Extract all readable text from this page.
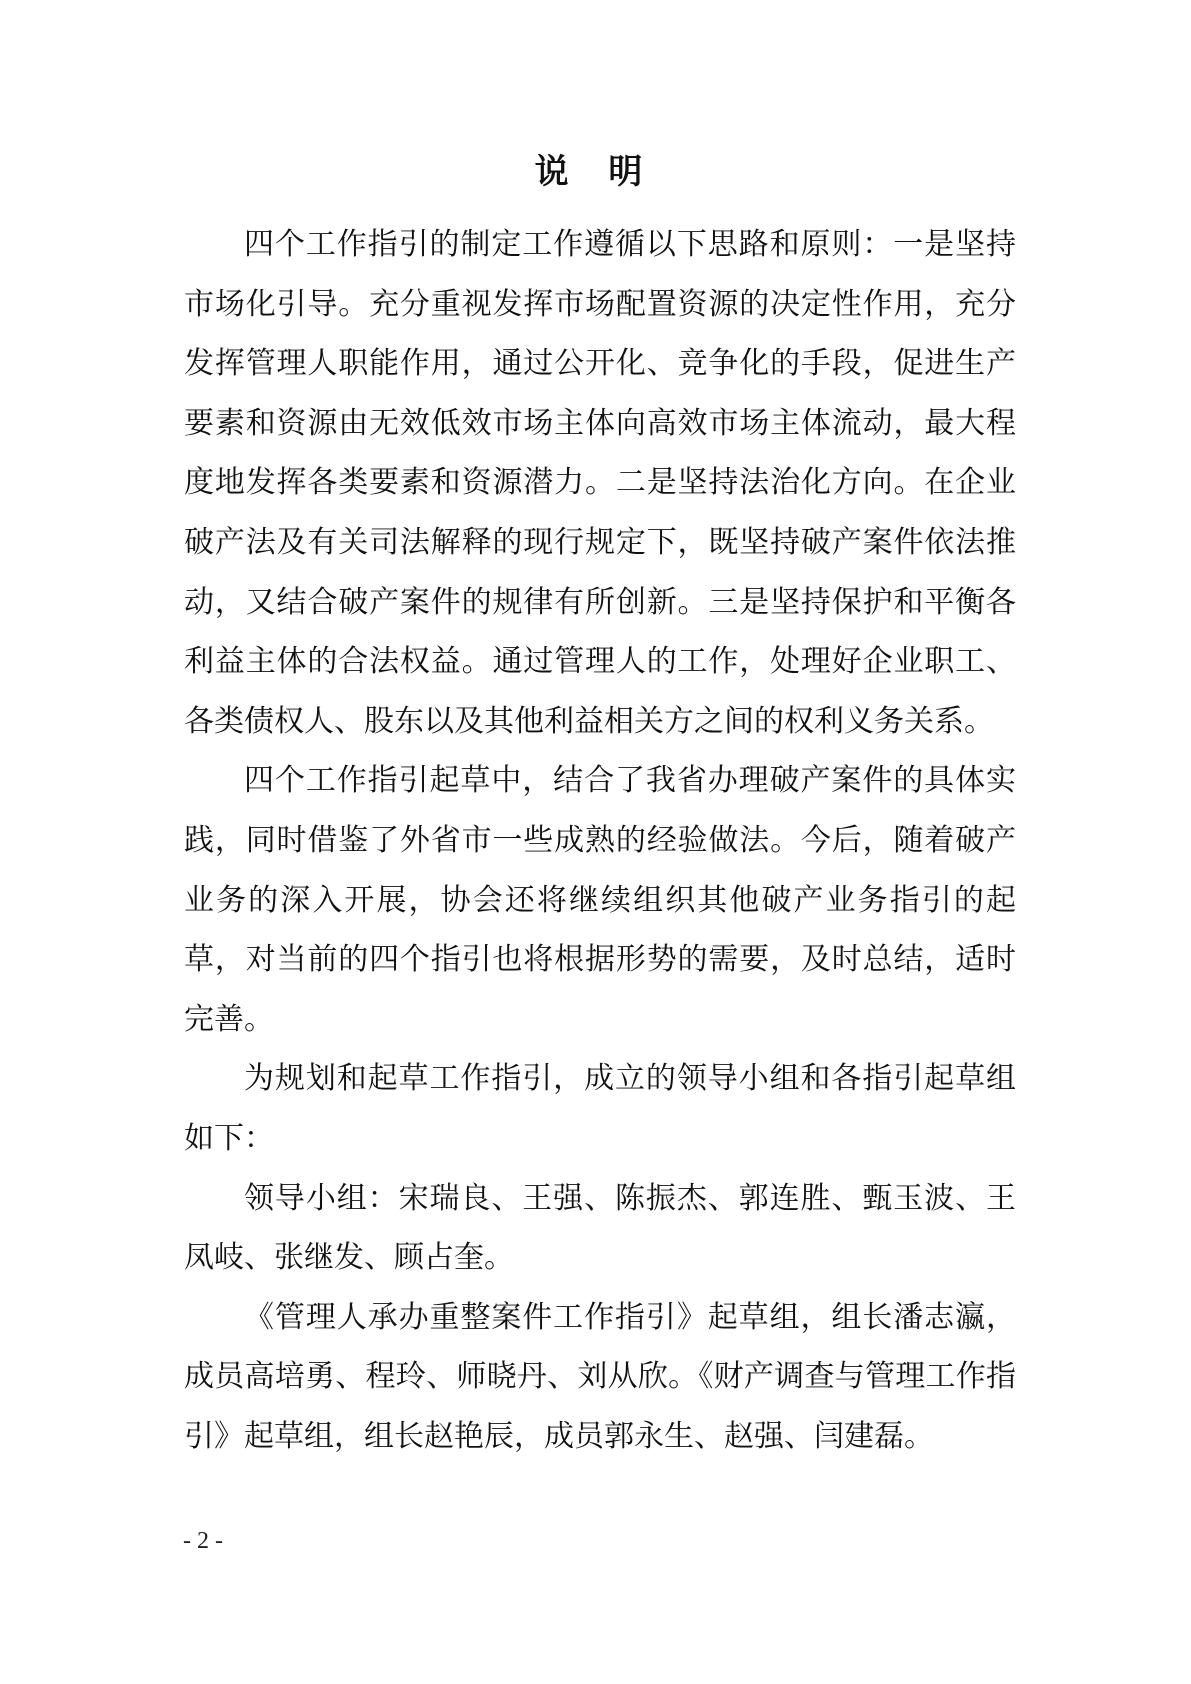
说 明

四个工作指引的制定工作遵循以下思路和原则：一是坚持市场化引导。充分重视发挥市场配置资源的决定性作用，充分发挥管理人职能作用，通过公开化、竞争化的手段，促进生产要素和资源由无效低效市场主体向高效市场主体流动，最大程度地发挥各类要素和资源潜力。二是坚持法治化方向。在企业破产法及有关司法解释的现行规定下，既坚持破产案件依法推动，又结合破产案件的规律有所创新。三是坚持保护和平衡各利益主体的合法权益。通过管理人的工作，处理好企业职工、各类债权人、股东以及其他利益相关方之间的权利义务关系。

四个工作指引起草中，结合了我省办理破产案件的具体实践，同时借鉴了外省市一些成熟的经验做法。今后，随着破产业务的深入开展，协会还将继续组织其他破产业务指引的起草，对当前的四个指引也将根据形势的需要，及时总结，适时完善。

为规划和起草工作指引，成立的领导小组和各指引起草组如下：

领导小组：宋瑞良、王强、陈振杰、郭连胜、甄玉波、王凤岐、张继发、顾占奎。

《管理人承办重整案件工作指引》起草组，组长潘志瀛，成员高培勇、程玲、师晓丹、刘从欣。《财产调查与管理工作指引》起草组，组长赵艳辰，成员郭永生、赵强、闫建磊。

- 2 -
